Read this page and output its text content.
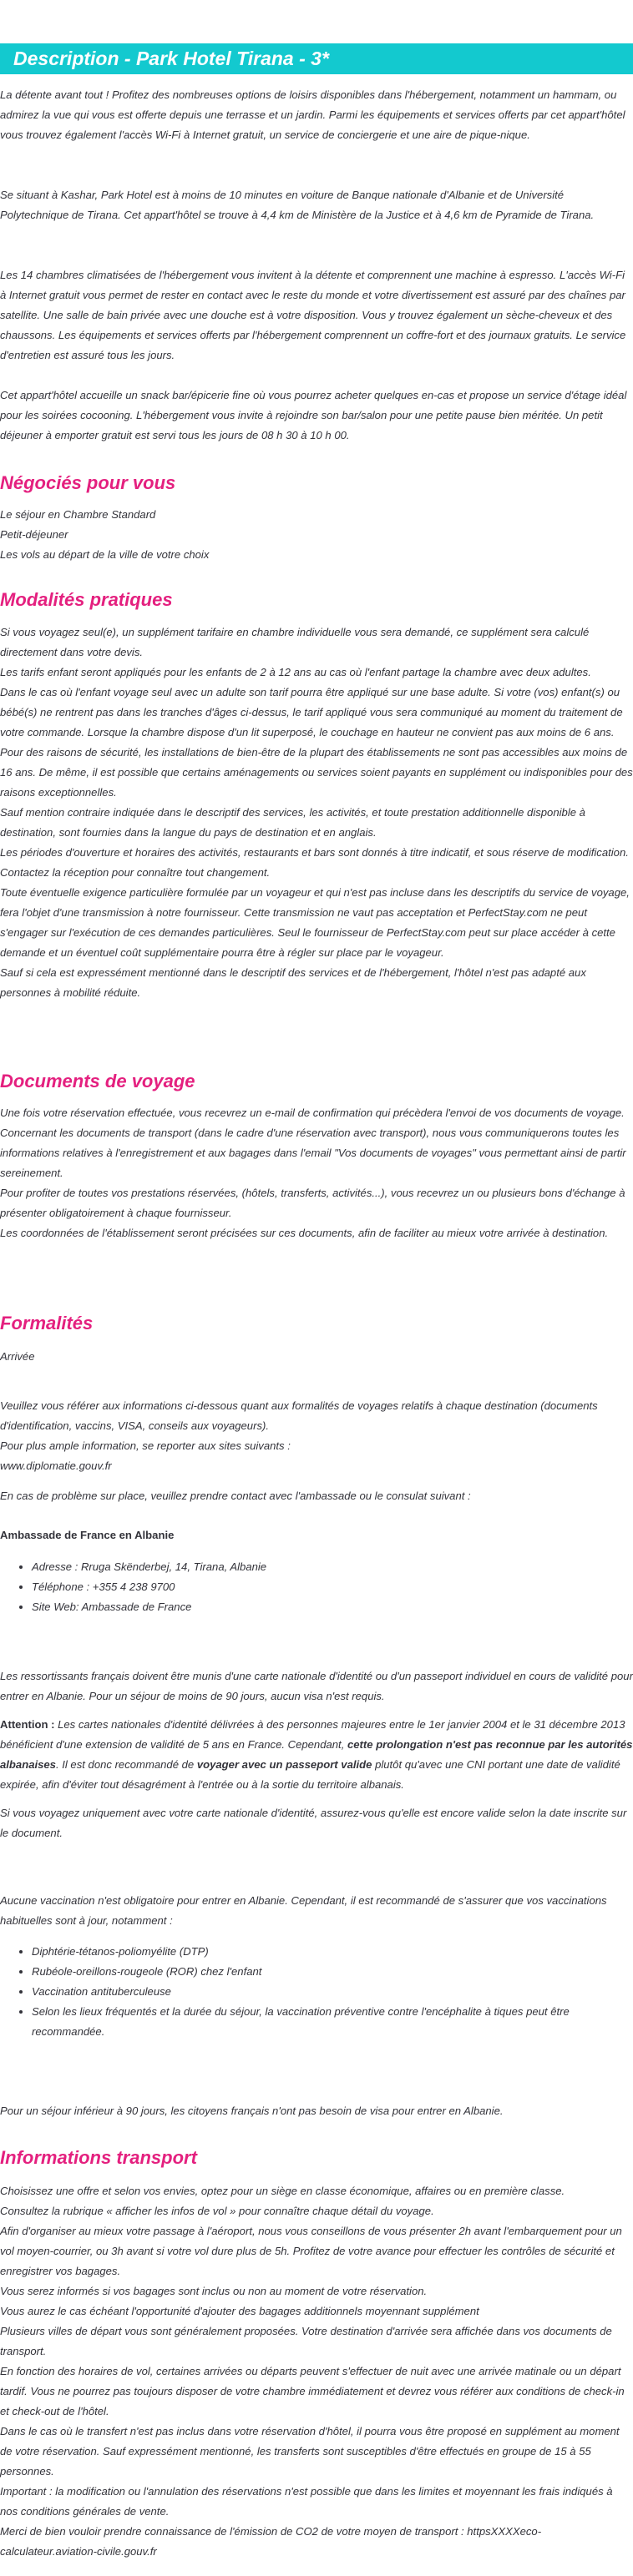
Description - Park Hotel Tirana - 3*

La détente avant tout ! Profitez des nombreuses options de loisirs disponibles dans l'hébergement, notamment un hammam, ou admirez la vue qui vous est offerte depuis une terrasse et un jardin. Parmi les équipements et services offerts par cet appart'hôtel vous trouvez également l'accès Wi-Fi à Internet gratuit, un service de conciergerie et une aire de pique-nique.

Se situant à Kashar, Park Hotel est à moins de 10 minutes en voiture de Banque nationale d'Albanie et de Université Polytechnique de Tirana. Cet appart'hôtel se trouve à 4,4 km de Ministère de la Justice et à 4,6 km de Pyramide de Tirana.

Les 14 chambres climatisées de l'hébergement vous invitent à la détente et comprennent une machine à espresso. L'accès Wi-Fi à Internet gratuit vous permet de rester en contact avec le reste du monde et votre divertissement est assuré par des chaînes par satellite. Une salle de bain privée avec une douche est à votre disposition. Vous y trouvez également un sèche-cheveux et des chaussons. Les équipements et services offerts par l'hébergement comprennent un coffre-fort et des journaux gratuits. Le service d'entretien est assuré tous les jours.

Cet appart'hôtel accueille un snack bar/épicerie fine où vous pourrez acheter quelques en-cas et propose un service d'étage idéal pour les soirées cocooning. L'hébergement vous invite à rejoindre son bar/salon pour une petite pause bien méritée. Un petit déjeuner à emporter gratuit est servi tous les jours de 08 h 30 à 10 h 00.

Négociés pour vous
Le séjour en Chambre Standard
Petit-déjeuner
Les vols au départ de la ville de votre choix
Modalités pratiques
Si vous voyagez seul(e), un supplément tarifaire en chambre individuelle vous sera demandé, ce supplément sera calculé directement dans votre devis.
Les tarifs enfant seront appliqués pour les enfants de 2 à 12 ans au cas où l'enfant partage la chambre avec deux adultes.
Dans le cas où l'enfant voyage seul avec un adulte son tarif pourra être appliqué sur une base adulte. Si votre (vos) enfant(s) ou bébé(s) ne rentrent pas dans les tranches d'âges ci-dessus, le tarif appliqué vous sera communiqué au moment du traitement de votre commande. Lorsque la chambre dispose d'un lit superposé, le couchage en hauteur ne convient pas aux moins de 6 ans.
Pour des raisons de sécurité, les installations de bien-être de la plupart des établissements ne sont pas accessibles aux moins de 16 ans. De même, il est possible que certains aménagements ou services soient payants en supplément ou indisponibles pour des raisons exceptionnelles.
Sauf mention contraire indiquée dans le descriptif des services, les activités, et toute prestation additionnelle disponible à destination, sont fournies dans la langue du pays de destination et en anglais.
Les périodes d'ouverture et horaires des activités, restaurants et bars sont donnés à titre indicatif, et sous réserve de modification. Contactez la réception pour connaître tout changement.
Toute éventuelle exigence particulière formulée par un voyageur et qui n'est pas incluse dans les descriptifs du service de voyage, fera l'objet d'une transmission à notre fournisseur. Cette transmission ne vaut pas acceptation et PerfectStay.com ne peut s'engager sur l'exécution de ces demandes particulières. Seul le fournisseur de PerfectStay.com peut sur place accéder à cette demande et un éventuel coût supplémentaire pourra être à régler sur place par le voyageur.
Sauf si cela est expressément mentionné dans le descriptif des services et de l'hébergement, l'hôtel n'est pas adapté aux personnes à mobilité réduite.
Documents de voyage
Une fois votre réservation effectuée, vous recevrez un e-mail de confirmation qui précèdera l'envoi de vos documents de voyage.
Concernant les documents de transport (dans le cadre d'une réservation avec transport), nous vous communiquerons toutes les informations relatives à l'enregistrement et aux bagages dans l'email "Vos documents de voyages" vous permettant ainsi de partir sereinement.
Pour profiter de toutes vos prestations réservées, (hôtels, transferts, activités...), vous recevrez un ou plusieurs bons d'échange à présenter obligatoirement à chaque fournisseur.
Les coordonnées de l'établissement seront précisées sur ces documents, afin de faciliter au mieux votre arrivée à destination.
Formalités

Arrivée

Veuillez vous référer aux informations ci-dessous quant aux formalités de voyages relatifs à chaque destination (documents d'identification, vaccins, VISA, conseils aux voyageurs).
Pour plus ample information, se reporter aux sites suivants :
www.diplomatie.gouv.fr

En cas de problème sur place, veuillez prendre contact avec l'ambassade ou le consulat suivant :

Ambassade de France en Albanie

• Adresse : Rruga Skënderbej, 14, Tirana, Albanie
• Téléphone : +355 4 238 9700
• Site Web: Ambassade de France

Les ressortissants français doivent être munis d'une carte nationale d'identité ou d'un passeport individuel en cours de validité pour entrer en Albanie. Pour un séjour de moins de 90 jours, aucun visa n'est requis.

Attention : Les cartes nationales d'identité délivrées à des personnes majeures entre le 1er janvier 2004 et le 31 décembre 2013 bénéficient d'une extension de validité de 5 ans en France. Cependant, cette prolongation n'est pas reconnue par les autorités albanaises. Il est donc recommandé de voyager avec un passeport valide plutôt qu'avec une CNI portant une date de validité expirée, afin d'éviter tout désagrément à l'entrée ou à la sortie du territoire albanais.

Si vous voyagez uniquement avec votre carte nationale d'identité, assurez-vous qu'elle est encore valide selon la date inscrite sur le document.

Aucune vaccination n'est obligatoire pour entrer en Albanie. Cependant, il est recommandé de s'assurer que vos vaccinations habituelles sont à jour, notamment :

• Diphtérie-tétanos-poliomyélite (DTP)
• Rubéole-oreillons-rougeole (ROR) chez l'enfant
• Vaccination antituberculeuse
• Selon les lieux fréquentés et la durée du séjour, la vaccination préventive contre l'encéphalite à tiques peut être recommandée.

Pour un séjour inférieur à 90 jours, les citoyens français n'ont pas besoin de visa pour entrer en Albanie.

Informations transport
Choisissez une offre et selon vos envies, optez pour un siège en classe économique, affaires ou en première classe.
Consultez la rubrique « afficher les infos de vol » pour connaître chaque détail du voyage.
Afin d'organiser au mieux votre passage à l'aéroport, nous vous conseillons de vous présenter 2h avant l'embarquement pour un vol moyen-courrier, ou 3h avant si votre vol dure plus de 5h. Profitez de votre avance pour effectuer les contrôles de sécurité et enregistrer vos bagages.
Vous serez informés si vos bagages sont inclus ou non au moment de votre réservation.
Vous aurez le cas échéant l'opportunité d'ajouter des bagages additionnels moyennant supplément
Plusieurs villes de départ vous sont généralement proposées. Votre destination d'arrivée sera affichée dans vos documents de transport.
En fonction des horaires de vol, certaines arrivées ou départs peuvent s'effectuer de nuit avec une arrivée matinale ou un départ tardif. Vous ne pourrez pas toujours disposer de votre chambre immédiatement et devrez vous référer aux conditions de check-in et check-out de l'hôtel.
Dans le cas où le transfert n'est pas inclus dans votre réservation d'hôtel, il pourra vous être proposé en supplément au moment de votre réservation. Sauf expressément mentionné, les transferts sont susceptibles d'être effectués en groupe de 15 à 55 personnes.
Important : la modification ou l'annulation des réservations n'est possible que dans les limites et moyennant les frais indiqués à nos conditions générales de vente.
Merci de bien vouloir prendre connaissance de l'émission de CO2 de votre moyen de transport : httpsXXXXeco-calculateur.aviation-civile.gouv.fr
